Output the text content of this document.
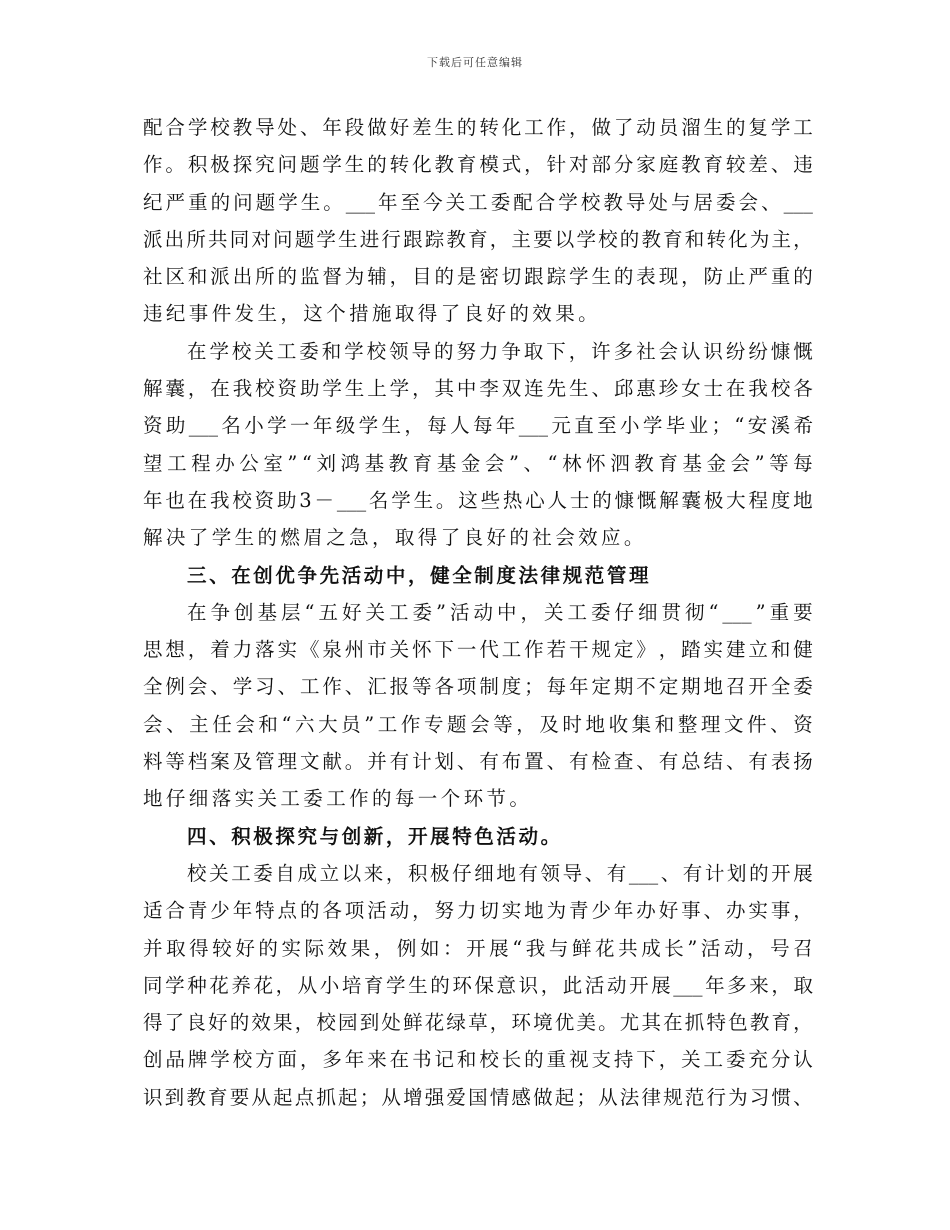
下载后可任意编辑
配 合 学 校 教 导 处 、 年 段 做 好 差 生 的 转 化 工 作 ， 做 了 动 员 溜 生 的 复 学 工
作 。 积 极 探 究 问 题 学 生 的 转 化 教 育 模 式 ， 针 对 部 分 家 庭 教 育 较 差 、 违
纪 严 重 的 问 题 学 生 。 ___ 年 至 今 关 工 委 配 合 学 校 教 导 处 与 居 委 会 、 ___
派 出 所 共 同 对 问 题 学 生 进 行 跟 踪 教 育 ， 主 要 以 学 校 的 教 育 和 转 化 为 主 ，
社 区 和 派 出 所 的 监 督 为 辅 ， 目 的 是 密 切 跟 踪 学 生 的 表 现 ， 防 止 严 重 的
违纪事件发生，这个措施取得了良好的效果。
在 学 校 关 工 委 和 学 校 领 导 的 努 力 争 取 下 ， 许 多 社 会 认 识 纷 纷 慷 慨
解 囊 ， 在 我 校 资 助 学 生 上 学 ， 其 中 李 双 连 先 生 、 邱 惠 珍 女 士 在 我 校 各
资 助 ___ 名 小 学 一 年 级 学 生 ， 每 人 每 年 ___ 元 直 至 小 学 毕 业 ； “ 安 溪 希
望 工 程 办 公 室 ” “ 刘 鸿 基 教 育 基 金 会 ” 、 “ 林 怀 泗 教 育 基 金 会 ” 等 每
年 也 在 我 校 资 助 3 － ___ 名 学 生 。 这 些 热 心 人 士 的 慷 慨 解 囊 极 大 程 度 地
解决了学生的燃眉之急，取得了良好的社会效应。
三、在创优争先活动中，健全制度法律规范管理
在 争 创 基 层 “ 五 好 关 工 委 ” 活 动 中 ， 关 工 委 仔 细 贯 彻 “ ___ ” 重 要
思 想 ， 着 力 落 实 《 泉 州 市 关 怀 下 一 代 工 作 若 干 规 定 》 ， 踏 实 建 立 和 健
全 例 会 、 学 习 、 工 作 、 汇 报 等 各 项 制 度 ； 每 年 定 期 不 定 期 地 召 开 全 委
会 、 主 任 会 和 “ 六 大 员 ” 工 作 专 题 会 等 ， 及 时 地 收 集 和 整 理 文 件 、 资
料 等 档 案 及 管 理 文 献 。 并 有 计 划 、 有 布 置 、 有 检 查 、 有 总 结 、 有 表 扬
地仔细落实关工委工作的每一个环节。
四、积极探究与创新，开展特色活动。
校 关 工 委 自 成 立 以 来 ， 积 极 仔 细 地 有 领 导 、 有 ___ 、 有 计 划 的 开 展
适 合 青 少 年 特 点 的 各 项 活 动 ， 努 力 切 实 地 为 青 少 年 办 好 事 、 办 实 事 ，
并 取 得 较 好 的 实 际 效 果 ， 例 如 ： 开 展 “ 我 与 鲜 花 共 成 长 ” 活 动 ， 号 召
同 学 种 花 养 花 ， 从 小 培 育 学 生 的 环 保 意 识 ， 此 活 动 开 展 ___ 年 多 来 ， 取
得 了 良 好 的 效 果 ， 校 园 到 处 鲜 花 绿 草 ， 环 境 优 美 。 尤 其 在 抓 特 色 教 育 ，
创 品 牌 学 校 方 面 ， 多 年 来 在 书 记 和 校 长 的 重 视 支 持 下 ， 关 工 委 充 分 认
识 到 教 育 要 从 起 点 抓 起 ； 从 增 强 爱 国 情 感 做 起 ； 从 法 律 规 范 行 为 习 惯 、
